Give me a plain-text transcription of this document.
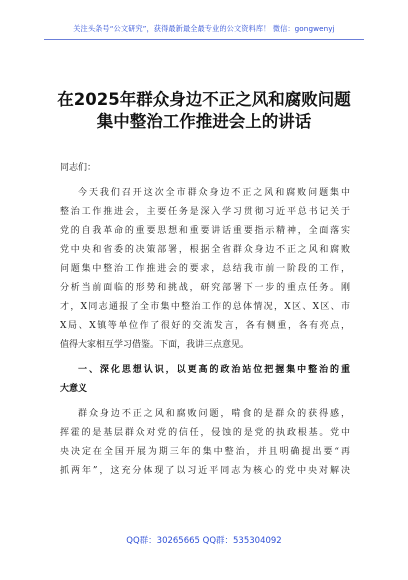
关注头条号“公文研究”，获得最新最全最专业的公文资料库！ 微信：gongwenyj
在2025年群众身边不正之风和腐败问题
集中整治工作推进会上的讲话
同志们：
今天我们召开这次全市群众身边不正之风和腐败问题集中
整治工作推进会，主要任务是深入学习贯彻习近平总书记关于
党的自我革命的重要思想和重要讲话重要指示精神，全面落实
党中央和省委的决策部署，根据全省群众身边不正之风和腐败
问题集中整治工作推进会的要求，总结我市前一阶段的工作，
分析当前面临的形势和挑战，研究部署下一步的重点任务。刚
才，X同志通报了全市集中整治工作的总体情况，X区、X区、市
X局、X镇等单位作了很好的交流发言，各有侧重，各有亮点，
值得大家相互学习借鉴。下面，我讲三点意见。
一、深化思想认识，以更高的政治站位把握集中整治的重
大意义
群众身边不正之风和腐败问题，啃食的是群众的获得感，
挥霍的是基层群众对党的信任，侵蚀的是党的执政根基。党中
央决定在全国开展为期三年的集中整治，并且明确提出要“再
抓两年”，这充分体现了以习近平同志为核心的党中央对解决
QQ群：30265665 QQ群：535304092
